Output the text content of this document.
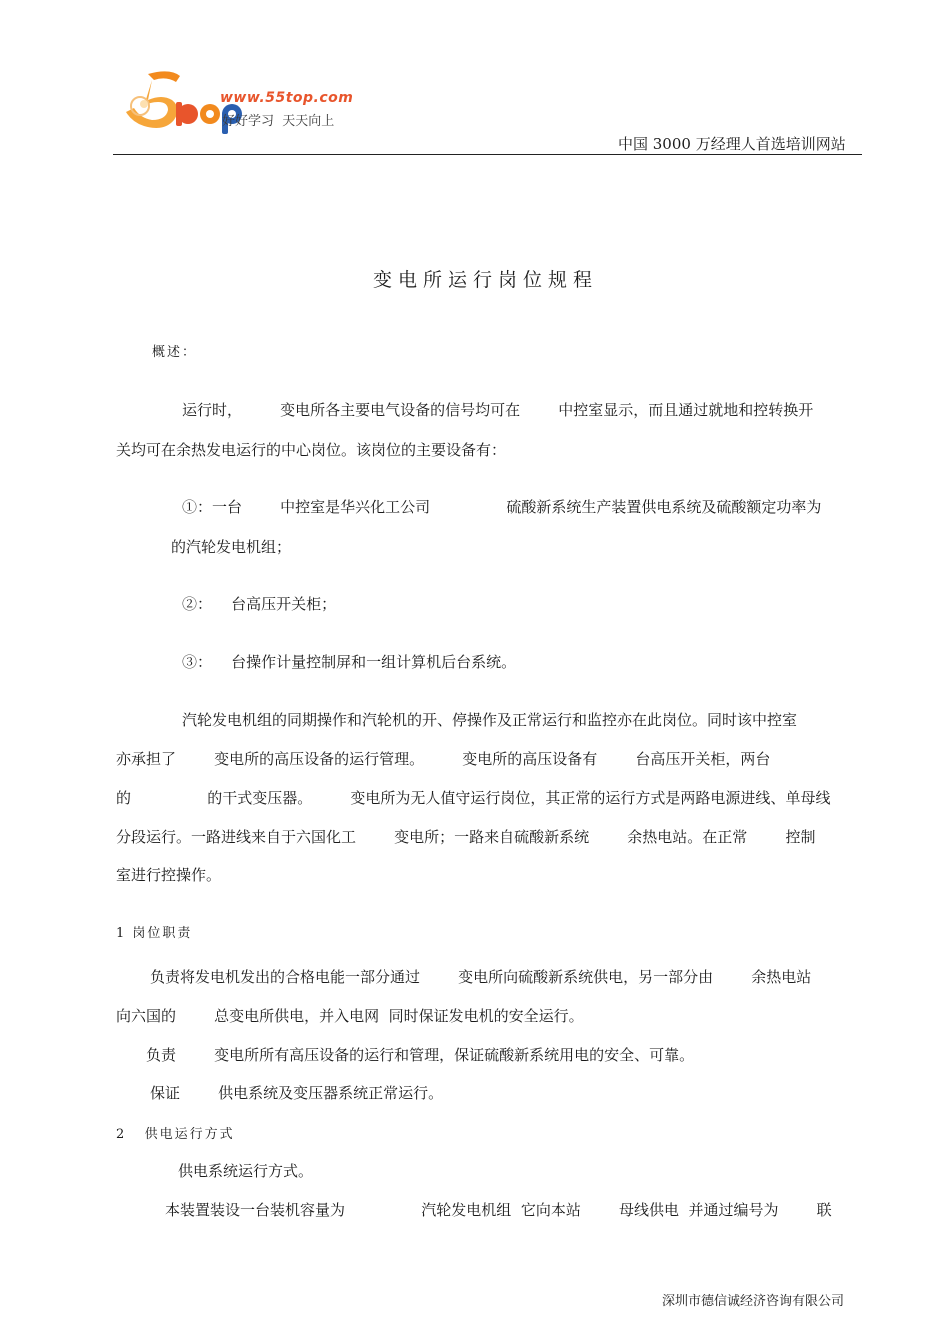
www.55top.com
好好学习  天天向上
中国 3000 万经理人首选培训网站
变电所运行岗位规程
概述：
运行时，        变电所各主要电气设备的信号均可在        中控室显示，而且通过就地和控转换开
关均可在余热发电运行的中心岗位。该岗位的主要设备有：
①：一台        中控室是华兴化工公司                硫酸新系统生产装置供电系统及硫酸额定功率为
的汽轮发电机组；
②：    台高压开关柜；
③：    台操作计量控制屏和一组计算机后台系统。
汽轮发电机组的同期操作和汽轮机的开、停操作及正常运行和监控亦在此岗位。同时该中控室
亦承担了        变电所的高压设备的运行管理。        变电所的高压设备有        台高压开关柜，两台
的                的干式变压器。        变电所为无人值守运行岗位，其正常的运行方式是两路电源进线、单母线
分段运行。一路进线来自于六国化工        变电所；一路来自硫酸新系统        余热电站。在正常        控制
室进行控操作。
1 岗位职责
负责将发电机发出的合格电能一部分通过        变电所向硫酸新系统供电，另一部分由        余热电站
向六国的        总变电所供电，并入电网  同时保证发电机的安全运行。
负责        变电所所有高压设备的运行和管理，保证硫酸新系统用电的安全、可靠。
保证        供电系统及变压器系统正常运行。
2   供电运行方式
供电系统运行方式。
本装置装设一台装机容量为                汽轮发电机组  它向本站        母线供电  并通过编号为        联
深圳市德信诚经济咨询有限公司
